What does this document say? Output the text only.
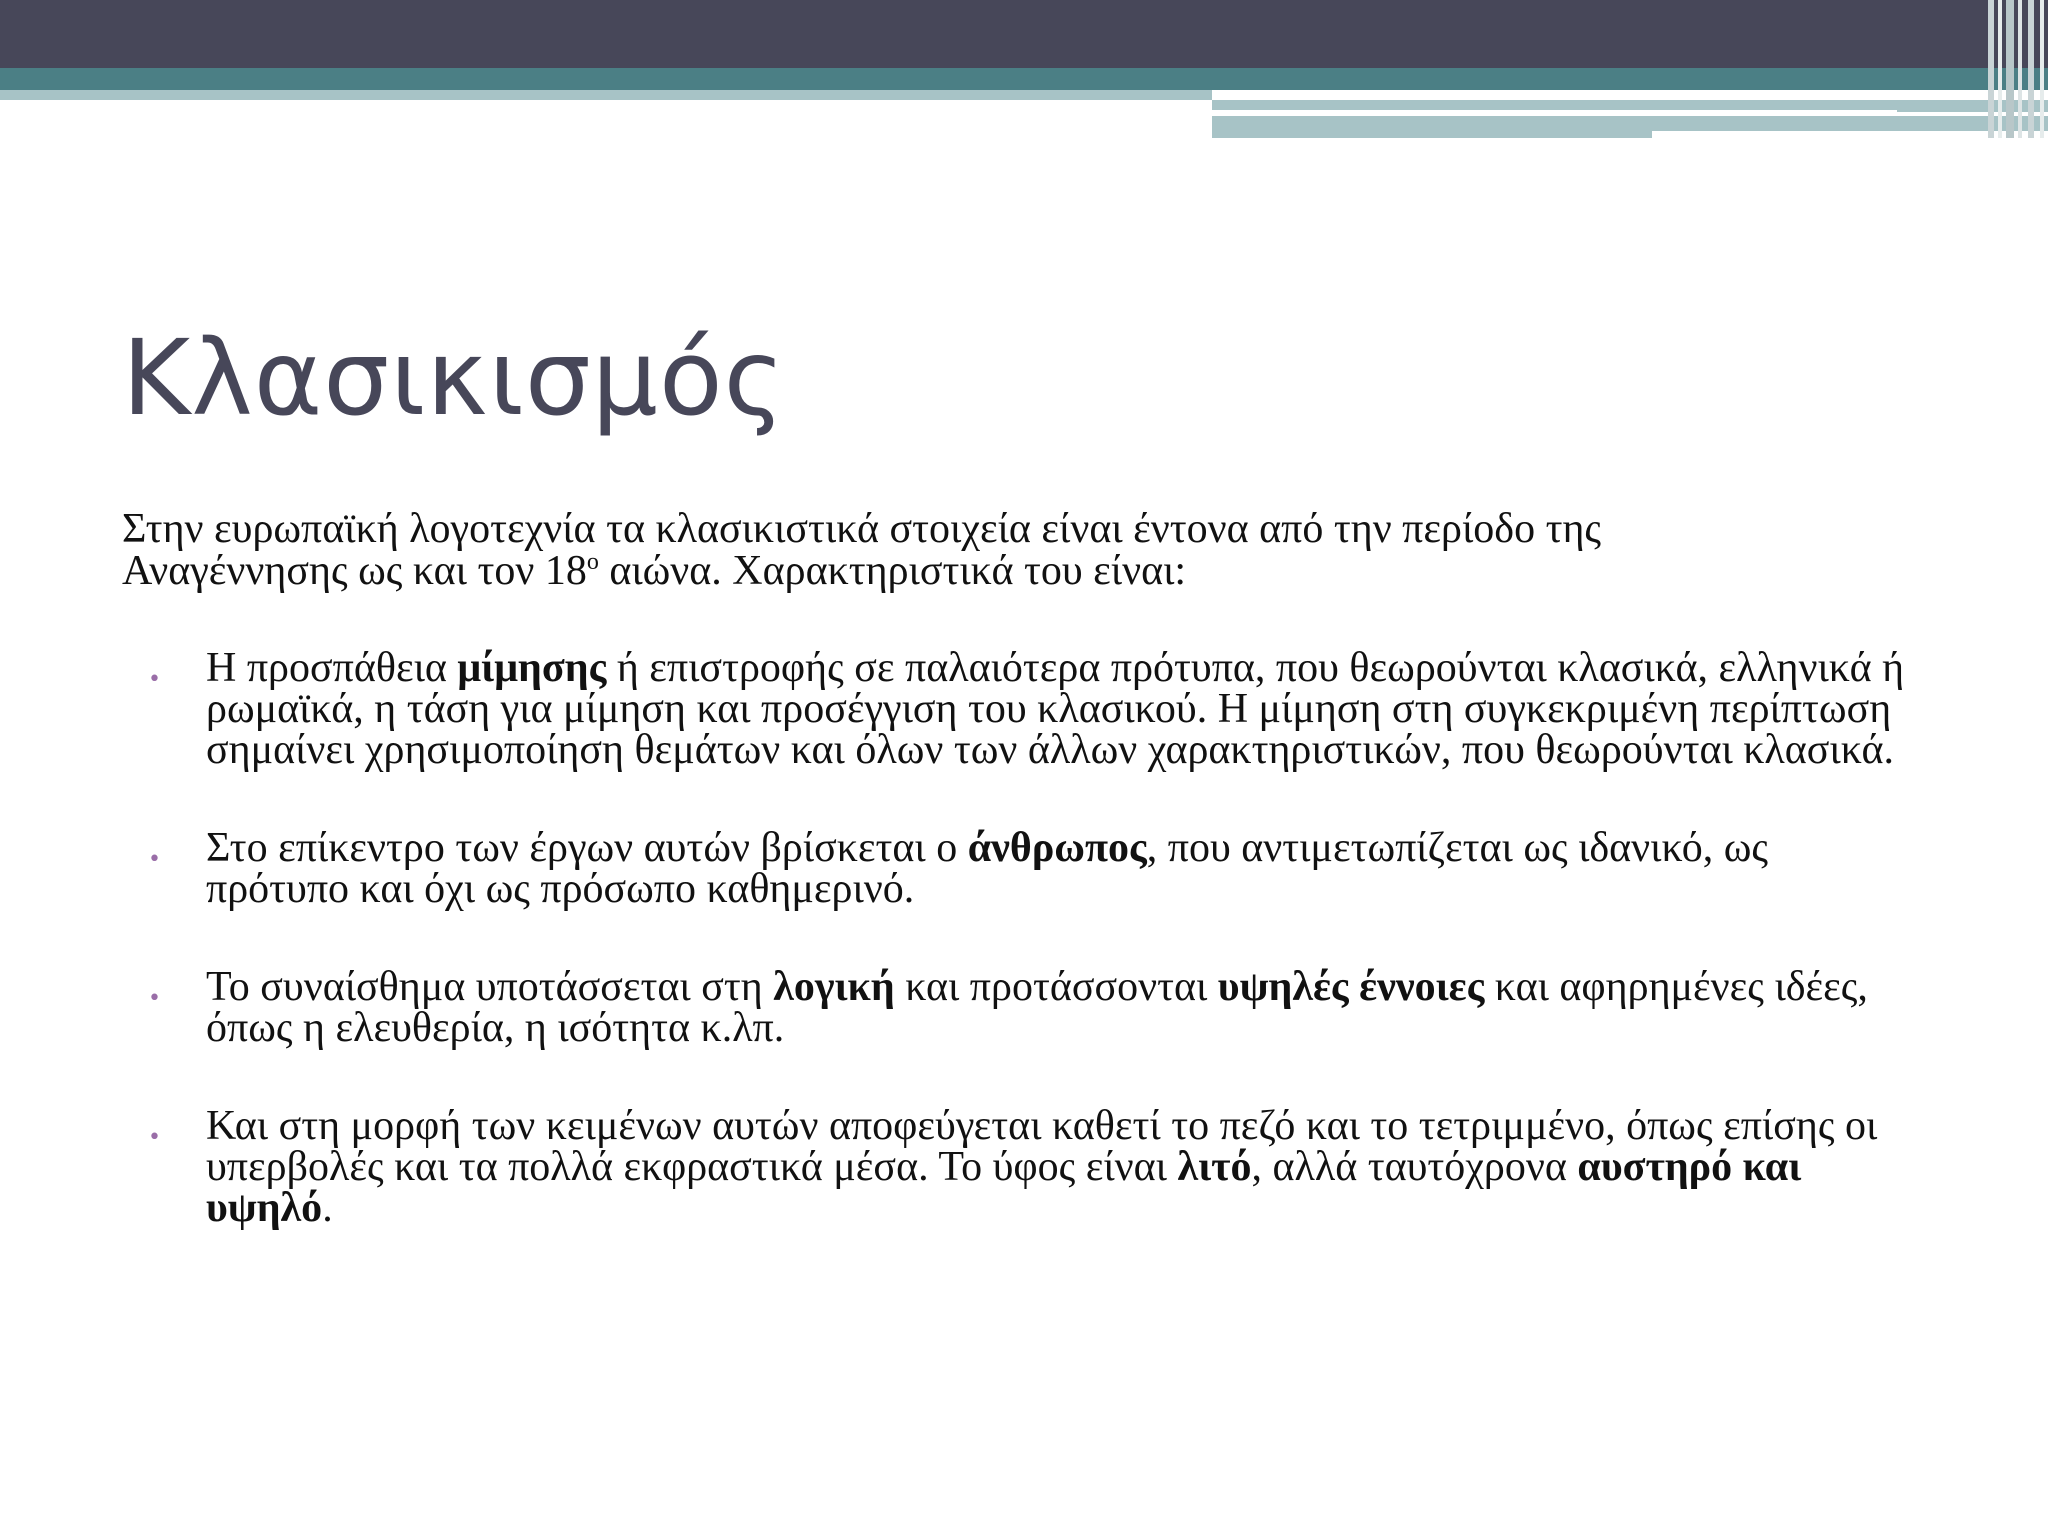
Κλασικισμός
Στην ευρωπαϊκή λογοτεχνία τα κλασικιστικά στοιχεία είναι έντονα από την περίοδο της
Αναγέννησης ως και τον $18^o$ αιώνα. Χαρακτηριστικά του είναι:
• Η προσπάθεια μίμησης ή επιστροφής σε παλαιότερα πρότυπα, που θεωρούνται κλασικά, ελληνικά ή ρωμαϊκά, η τάση για μίμηση και προσέγγιση του κλασικού. Η μίμηση στη συγκεκριμένη περίπτωση σημαίνει χρησιμοποίηση θεμάτων και όλων των άλλων χαρακτηριστικών, που θεωρούνται κλασικά.
• Στο επίκεντρο των έργων αυτών βρίσκεται ο άνθρωπος, που αντιμετωπίζεται ως ιδανικό, ως πρότυπο και όχι ως πρόσωπο καθημερινό.
• Το συναίσθημα υποτάσσεται στη λογική και προτάσσονται υψηλές έννοιες και αφηρημένες ιδέες, όπως η ελευθερία, η ισότητα κ.λπ.
• Και στη μορφή των κειμένων αυτών αποφεύγεται καθετί το πεζό και το τετριμμένο, όπως επίσης οι υπερβολές και τα πολλά εκφραστικά μέσα. Το ύφος είναι λιτό, αλλά ταυτόχρονα αυστηρό και υψηλό.
